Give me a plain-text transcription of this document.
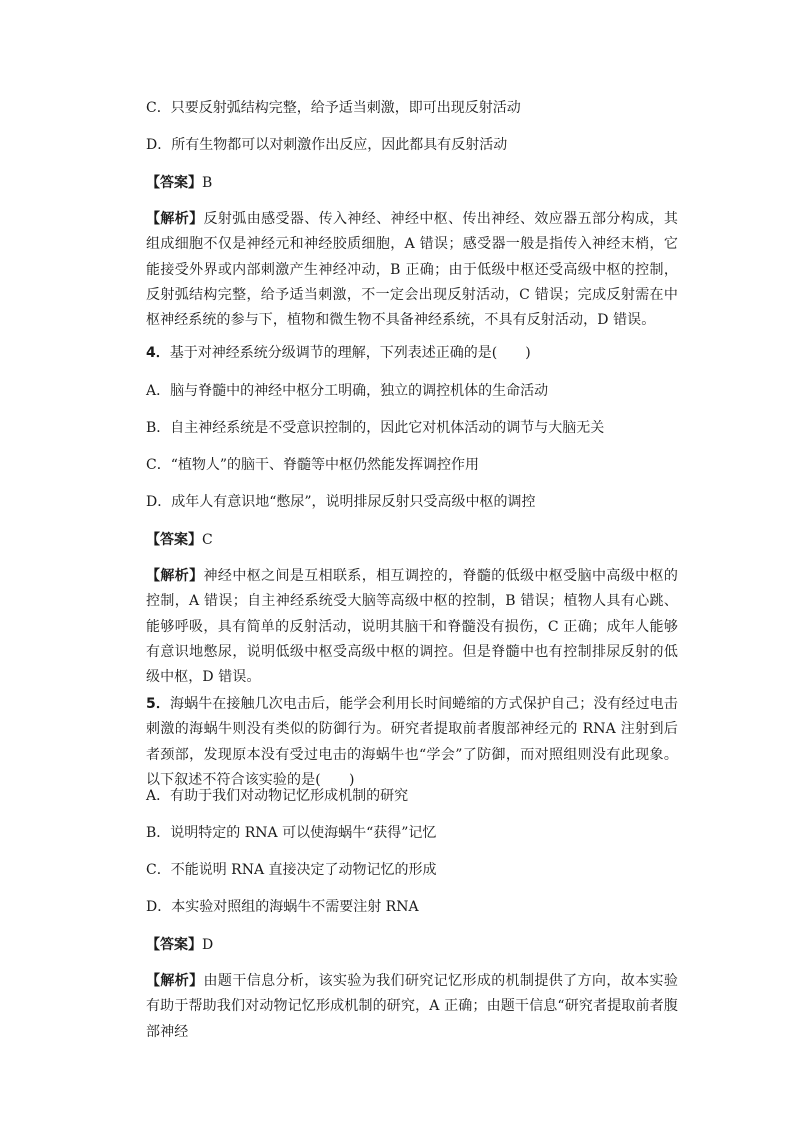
C．只要反射弧结构完整，给予适当刺激，即可出现反射活动
D．所有生物都可以对刺激作出反应，因此都具有反射活动
【答案】B
【解析】反射弧由感受器、传入神经、神经中枢、传出神经、效应器五部分构成，其组成细胞不仅是神经元和神经胶质细胞，A 错误；感受器一般是指传入神经末梢，它能接受外界或内部刺激产生神经冲动，B 正确；由于低级中枢还受高级中枢的控制，反射弧结构完整，给予适当刺激，不一定会出现反射活动，C 错误；完成反射需在中枢神经系统的参与下，植物和微生物不具备神经系统，不具有反射活动，D 错误。
4．基于对神经系统分级调节的理解，下列表述正确的是(　　)
A．脑与脊髓中的神经中枢分工明确，独立的调控机体的生命活动
B．自主神经系统是不受意识控制的，因此它对机体活动的调节与大脑无关
C．“植物人”的脑干、脊髓等中枢仍然能发挥调控作用
D．成年人有意识地“憋尿”，说明排尿反射只受高级中枢的调控
【答案】C
【解析】神经中枢之间是互相联系，相互调控的，脊髓的低级中枢受脑中高级中枢的控制，A 错误；自主神经系统受大脑等高级中枢的控制，B 错误；植物人具有心跳、能够呼吸，具有简单的反射活动，说明其脑干和脊髓没有损伤，C 正确；成年人能够有意识地憋尿，说明低级中枢受高级中枢的调控。但是脊髓中也有控制排尿反射的低级中枢，D 错误。
5．海蜗牛在接触几次电击后，能学会利用长时间蜷缩的方式保护自己；没有经过电击刺激的海蜗牛则没有类似的防御行为。研究者提取前者腹部神经元的 RNA 注射到后者颈部，发现原本没有受过电击的海蜗牛也“学会”了防御，而对照组则没有此现象。以下叙述不符合该实验的是(　　)
A．有助于我们对动物记忆形成机制的研究
B．说明特定的 RNA 可以使海蜗牛“获得”记忆
C．不能说明 RNA 直接决定了动物记忆的形成
D．本实验对照组的海蜗牛不需要注射 RNA
【答案】D
【解析】由题干信息分析，该实验为我们研究记忆形成的机制提供了方向，故本实验有助于帮助我们对动物记忆形成机制的研究，A 正确；由题干信息“研究者提取前者腹部神经
